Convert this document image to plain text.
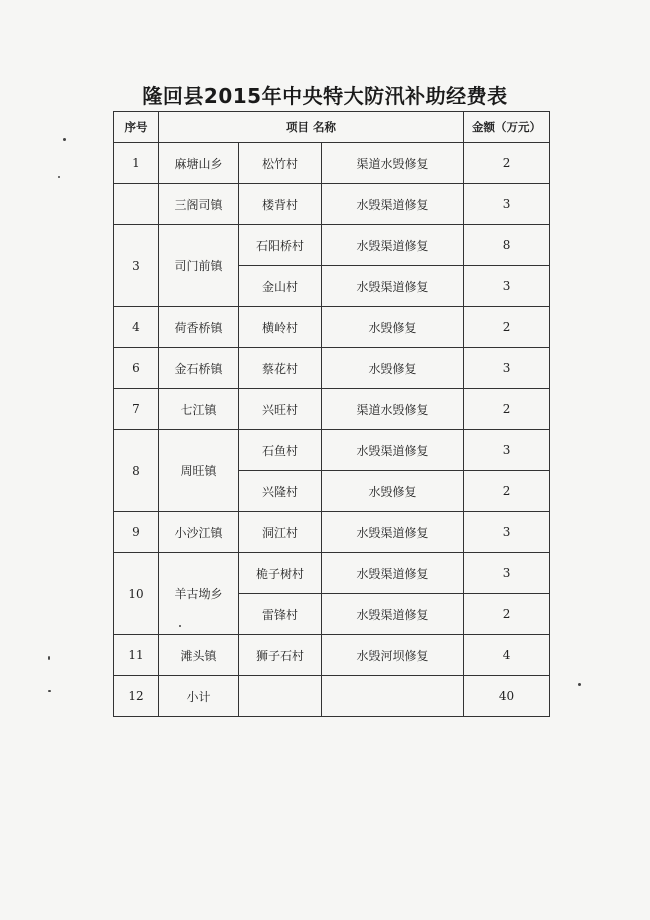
隆回县2015年中央特大防汛补助经费表
序号	项目 名称			金额（万元）
1	麻塘山乡	松竹村	渠道水毁修复	2
	三阁司镇	楼背村	水毁渠道修复	3
3	司门前镇	石阳桥村	水毁渠道修复	8
		金山村	水毁渠道修复	3
4	荷香桥镇	横岭村	水毁修复	2
6	金石桥镇	蔡花村	水毁修复	3
7	七江镇	兴旺村	渠道水毁修复	2
8	周旺镇	石鱼村	水毁渠道修复	3
		兴隆村	水毁修复	2
9	小沙江镇	洞江村	水毁渠道修复	3
10	羊古坳乡	桅子树村	水毁渠道修复	3
		雷锋村	水毁渠道修复	2
11	滩头镇	狮子石村	水毁河坝修复	4
12	小计			40
